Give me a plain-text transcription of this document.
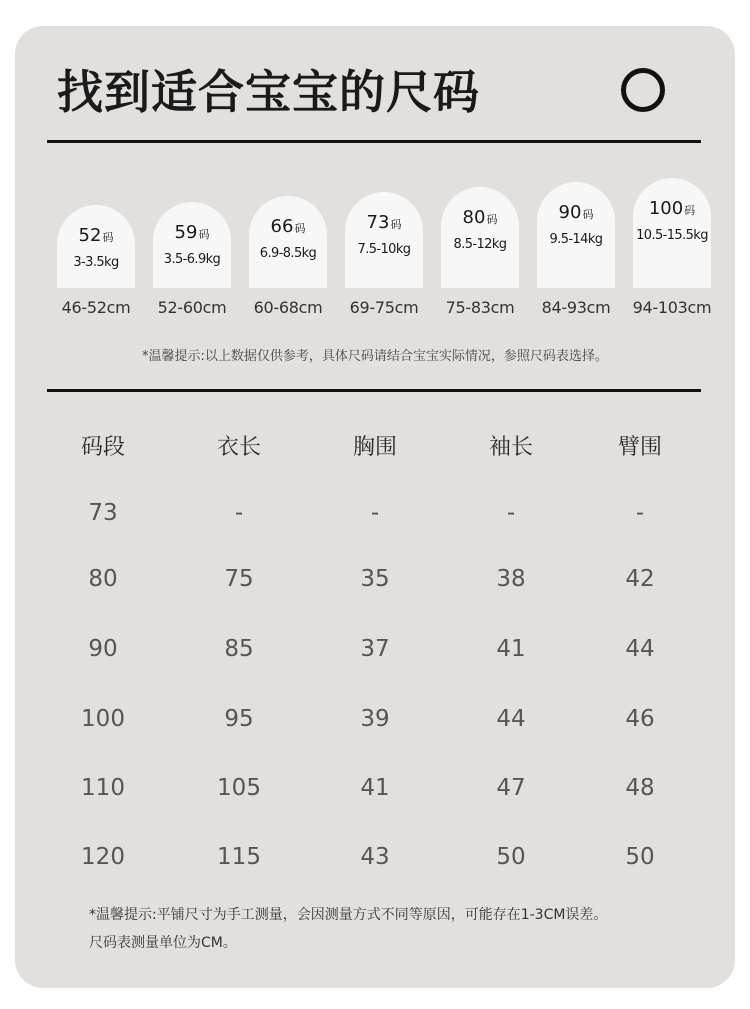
找到适合宝宝的尺码
52码
3-3.5kg
46-52cm
59码
3.5-6.9kg
52-60cm
66码
6.9-8.5kg
60-68cm
73码
7.5-10kg
69-75cm
80码
8.5-12kg
75-83cm
90码
9.5-14kg
84-93cm
100码
10.5-15.5kg
94-103cm
*温馨提示:以上数据仅供参考，具体尺码请结合宝宝实际情况，参照尺码表选择。
码段	衣长	胸围	袖长	臂围
73	-	-	-	-
80	75	35	38	42
90	85	37	41	44
100	95	39	44	46
110	105	41	47	48
120	115	43	50	50
*温馨提示:平铺尺寸为手工测量，会因测量方式不同等原因，可能存在1-3CM误差。
尺码表测量单位为CM。
